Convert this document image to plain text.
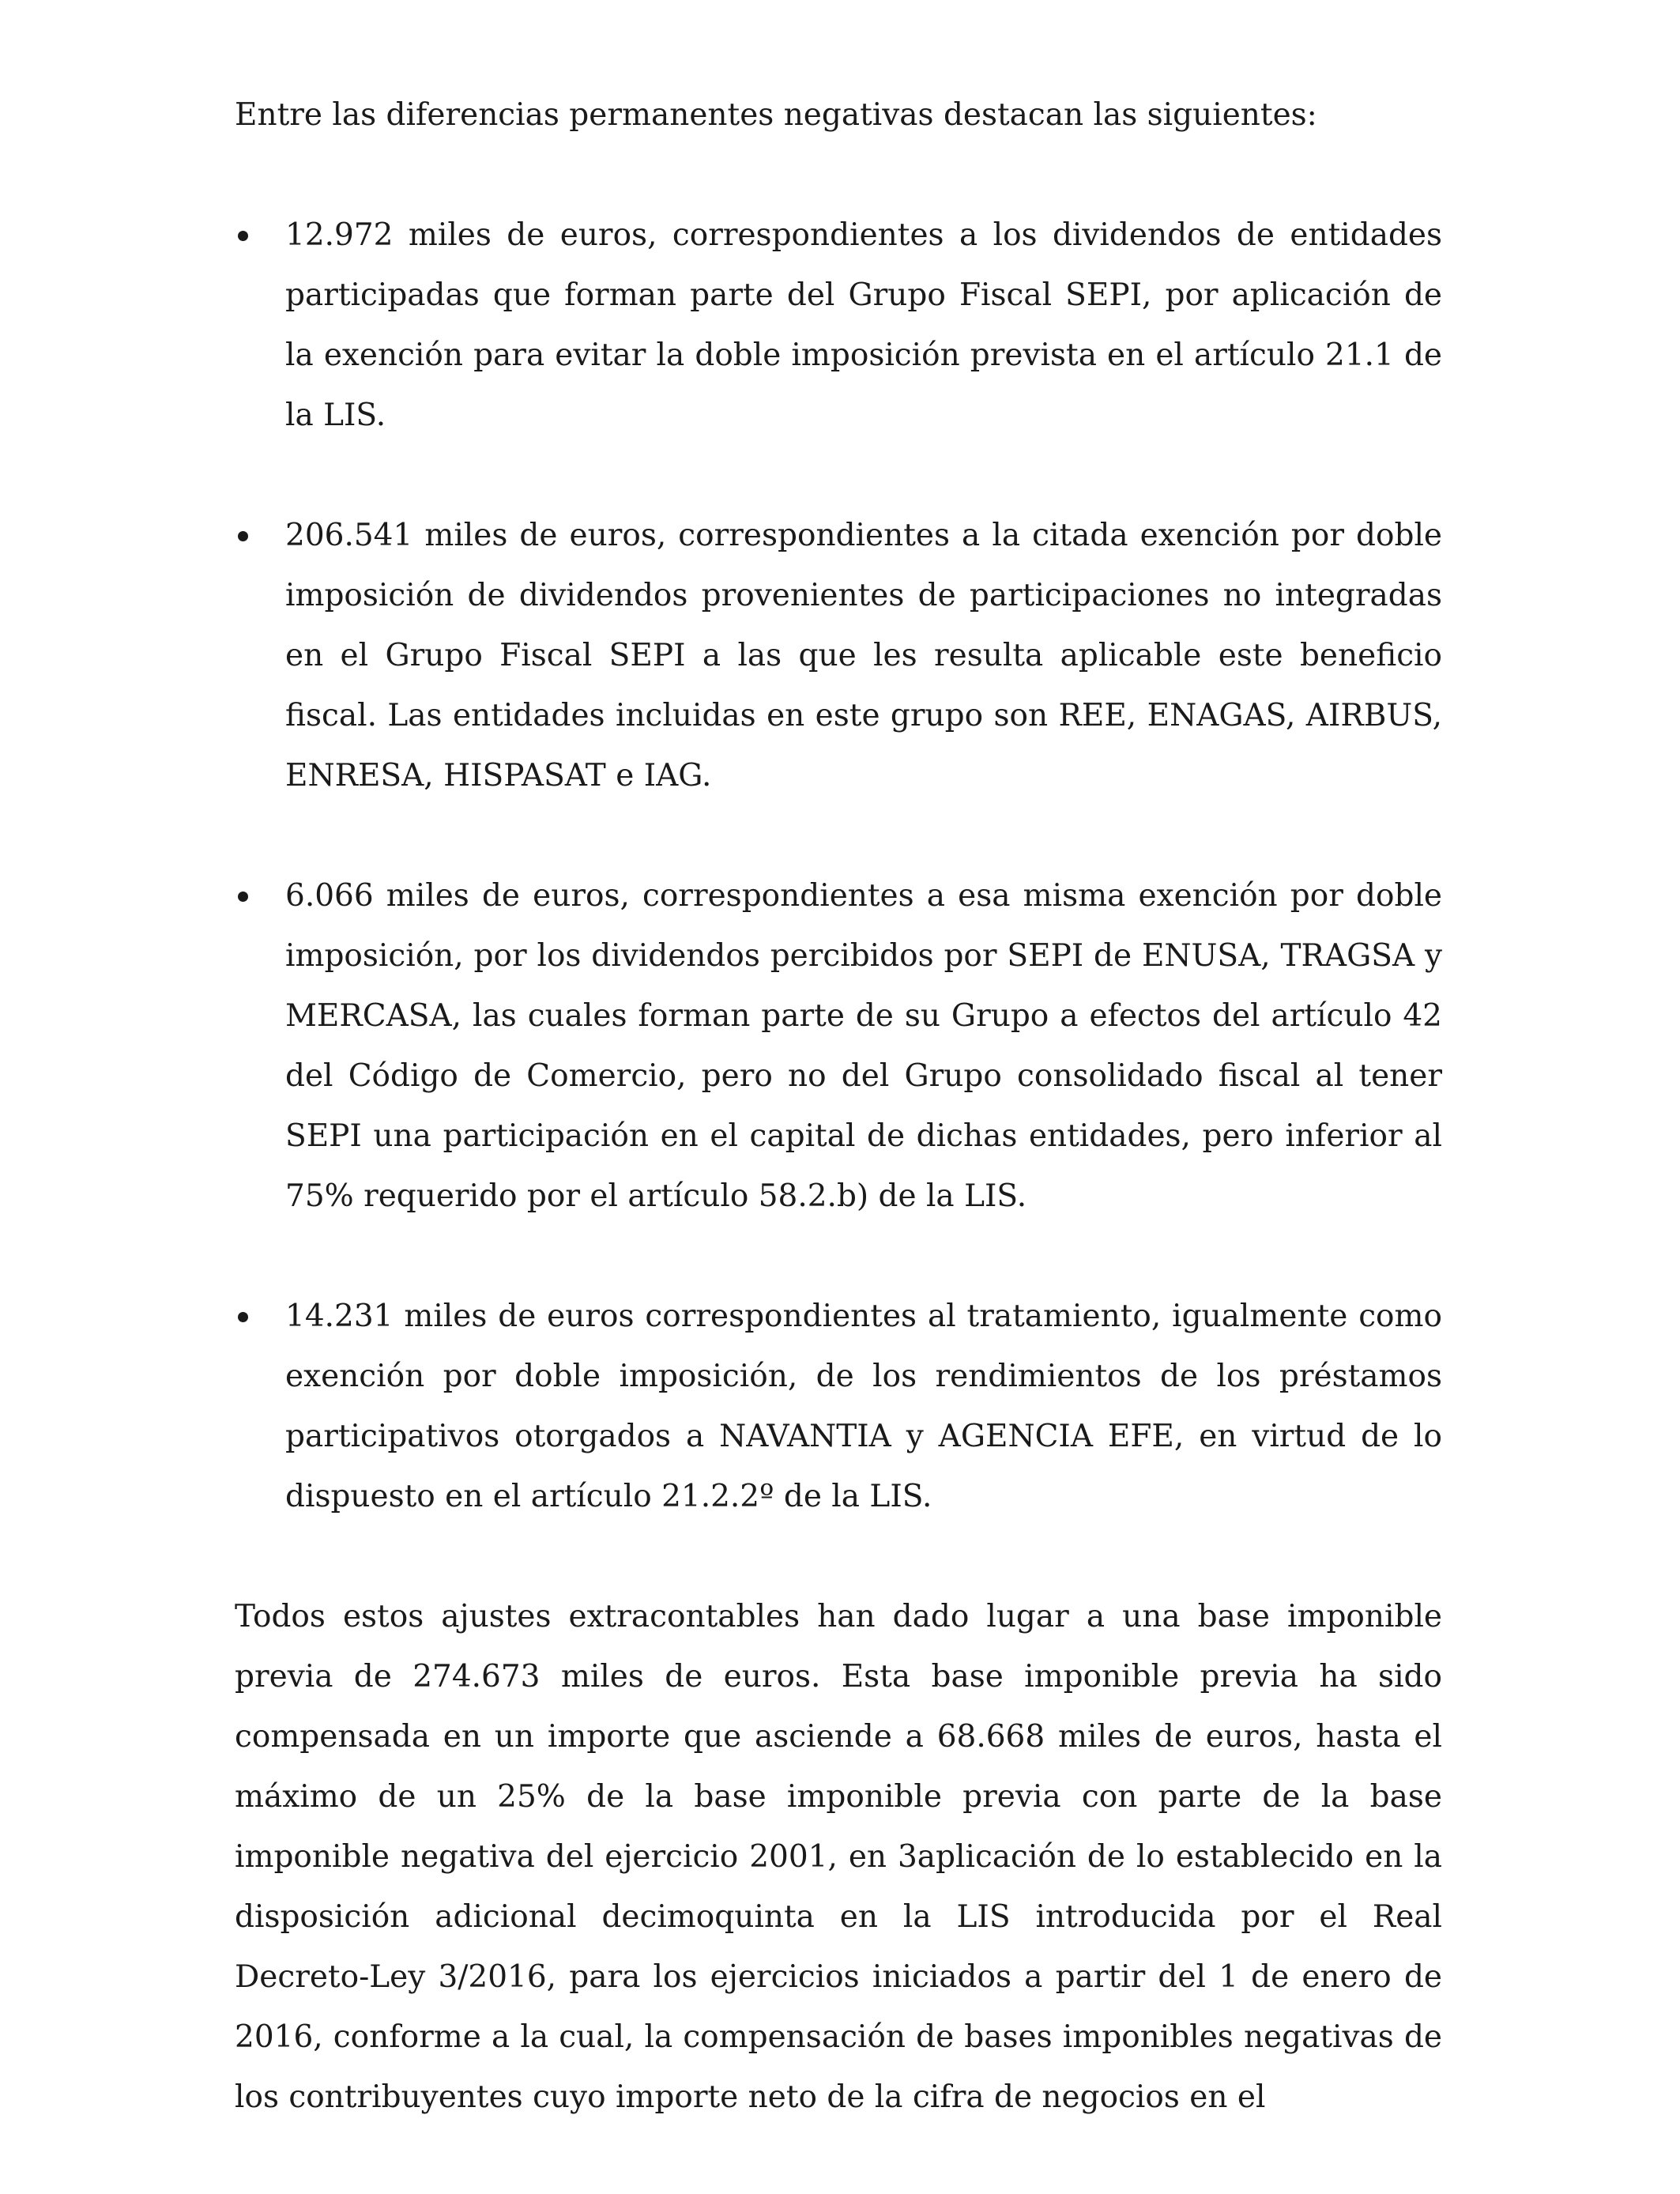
Entre las diferencias permanentes negativas destacan las siguientes:

12.972 miles de euros, correspondientes a los dividendos de entidades participadas que forman parte del Grupo Fiscal SEPI, por aplicación de la exención para evitar la doble imposición prevista en el artículo 21.1 de la LIS.
206.541 miles de euros, correspondientes a la citada exención por doble imposición de dividendos provenientes de participaciones no integradas en el Grupo Fiscal SEPI a las que les resulta aplicable este beneficio fiscal. Las entidades incluidas en este grupo son REE, ENAGAS, AIRBUS, ENRESA, HISPASAT e IAG.
6.066 miles de euros, correspondientes a esa misma exención por doble imposición, por los dividendos percibidos por SEPI de ENUSA, TRAGSA y MERCASA, las cuales forman parte de su Grupo a efectos del artículo 42 del Código de Comercio, pero no del Grupo consolidado fiscal al tener SEPI una participación en el capital de dichas entidades, pero inferior al 75% requerido por el artículo 58.2.b) de la LIS.
14.231 miles de euros correspondientes al tratamiento, igualmente como exención por doble imposición, de los rendimientos de los préstamos participativos otorgados a NAVANTIA y AGENCIA EFE, en virtud de lo dispuesto en el artículo 21.2.2º de la LIS.

Todos estos ajustes extracontables han dado lugar a una base imponible previa de 274.673 miles de euros. Esta base imponible previa ha sido compensada en un importe que asciende a 68.668 miles de euros, hasta el máximo de un 25% de la base imponible previa con parte de la base imponible negativa del ejercicio 2001, en 3aplicación de lo establecido en la disposición adicional decimoquinta en la LIS introducida por el Real Decreto-Ley 3/2016, para los ejercicios iniciados a partir del 1 de enero de 2016, conforme a la cual, la compensación de bases imponibles negativas de los contribuyentes cuyo importe neto de la cifra de negocios en el
